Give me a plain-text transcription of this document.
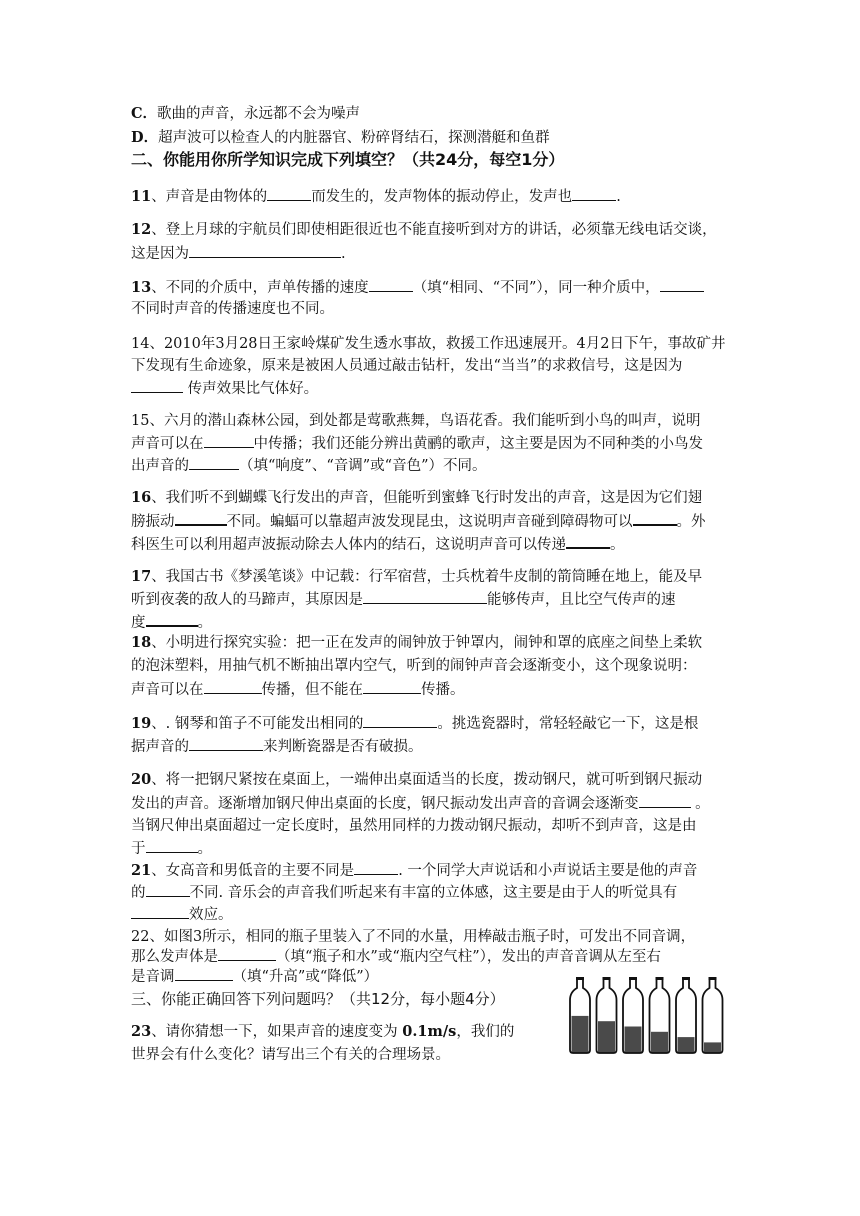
C．歌曲的声音，永远都不会为噪声
D．超声波可以检查人的内脏器官、粉碎肾结石，探测潜艇和鱼群
二、你能用你所学知识完成下列填空？（共24分，每空1分）
11、声音是由物体的	而发生的，发声物体的振动停止，发声也	.
12、登上月球的宇航员们即使相距很近也不能直接听到对方的讲话，必须靠无线电话交谈，
这是因为	.
13、不同的介质中，声单传播的速度	（填“相同、“不同”），同一种介质中，
不同时声音的传播速度也不同。
14、2010年3月28日王家岭煤矿发生透水事故，救援工作迅速展开。4月2日下午，事故矿井
下发现有生命迹象，原来是被困人员通过敲击钻杆，发出“当当”的求救信号，这是因为
传声效果比气体好。
15、六月的潜山森林公园，到处都是莺歌燕舞，鸟语花香。我们能听到小鸟的叫声，说明
声音可以在	中传播；我们还能分辨出黄鹂的歌声，这主要是因为不同种类的小鸟发
出声音的	（填“响度”、“音调”或“音色”）不同。
16、我们听不到蝴蝶飞行发出的声音，但能听到蜜蜂飞行时发出的声音，这是因为它们翅
膀振动	不同。蝙蝠可以靠超声波发现昆虫，这说明声音碰到障碍物可以	。外
科医生可以利用超声波振动除去人体内的结石，这说明声音可以传递	。
17、我国古书《梦溪笔谈》中记载：行军宿营，士兵枕着牛皮制的箭筒睡在地上，能及早
听到夜袭的敌人的马蹄声，其原因是	能够传声，且比空气传声的速
度	。
18、小明进行探究实验：把一正在发声的闹钟放于钟罩内，闹钟和罩的底座之间垫上柔软
的泡沫塑料，用抽气机不断抽出罩内空气，听到的闹钟声音会逐渐变小，这个现象说明：
声音可以在	传播，但不能在	传播。
19、. 钢琴和笛子不可能发出相同的	。挑选瓷器时，常轻轻敲它一下，这是根
据声音的	来判断瓷器是否有破损。
20、将一把钢尺紧按在桌面上，一端伸出桌面适当的长度，拨动钢尺，就可听到钢尺振动
发出的声音。逐渐增加钢尺伸出桌面的长度，钢尺振动发出声音的音调会逐渐变	。
当钢尺伸出桌面超过一定长度时，虽然用同样的力拨动钢尺振动，却听不到声音，这是由
于	。
21、女高音和男低音的主要不同是	. 一个同学大声说话和小声说话主要是他的声音
的	不同. 音乐会的声音我们听起来有丰富的立体感，这主要是由于人的听觉具有
效应。
22、如图3所示，相同的瓶子里装入了不同的水量，用棒敲击瓶子时，可发出不同音调，
那么发声体是	（填“瓶子和水”或“瓶内空气柱”），发出的声音音调从左至右
是音调	（填“升高”或“降低”）
三、你能正确回答下列问题吗？（共12分，每小题4分）
23、请你猜想一下，如果声音的速度变为 0.1m/s，我们的
世界会有什么变化？请写出三个有关的合理场景。
